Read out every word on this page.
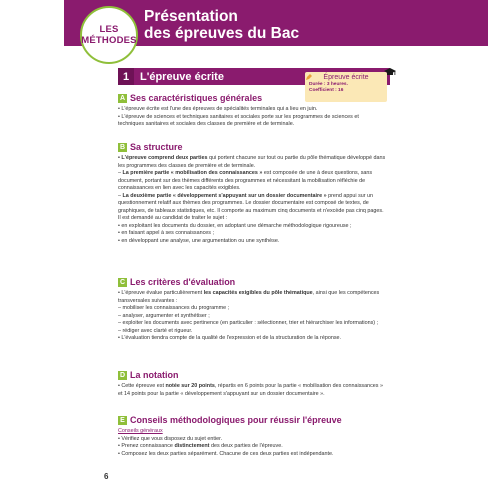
LES
MÉTHODES
Présentation
des épreuves du Bac
1 L'épreuve écrite	Épreuve écrite
Durée : 3 heures.
Coefficient : 16
A Ses caractéristiques générales

• L'épreuve écrite est l'une des épreuves de spécialités terminales qui a lieu en juin.

• L'épreuve de sciences et techniques sanitaires et sociales porte sur les programmes de sciences et techniques sanitaires et sociales des classes de première et de terminale.

B Sa structure

• L'épreuve comprend deux parties qui portent chacune sur tout ou partie du pôle thématique développé dans les programmes des classes de première et de terminale.

– La première partie « mobilisation des connaissances » est composée de une à deux questions, sans document, portant sur des thèmes différents des programmes et nécessitant la mobilisation réfléchie de connaissances en lien avec les capacités exigibles.

– La deuxième partie « développement s'appuyant sur un dossier documentaire » prend appui sur un questionnement relatif aux thèmes des programmes. Le dossier documentaire est composé de textes, de graphiques, de tableaux statistiques, etc. Il comporte au maximum cinq documents et n'excède pas cinq pages. Il est demandé au candidat de traiter le sujet :

• en exploitant les documents du dossier, en adoptant une démarche méthodologique rigoureuse ;

• en faisant appel à ses connaissances ;

• en développant une analyse, une argumentation ou une synthèse.

C Les critères d'évaluation

• L'épreuve évalue particulièrement les capacités exigibles du pôle thématique, ainsi que les compétences transversales suivantes :

– mobiliser les connaissances du programme ;

– analyser, argumenter et synthétiser ;

– exploiter les documents avec pertinence (en particulier : sélectionner, trier et hiérarchiser les informations) ;

– rédiger avec clarté et rigueur.

• L'évaluation tiendra compte de la qualité de l'expression et de la structuration de la réponse.

D La notation

• Cette épreuve est notée sur 20 points, répartis en 6 points pour la partie « mobilisation des connaissances » et 14 points pour la partie « développement s'appuyant sur un dossier documentaire ».

E Conseils méthodologiques pour réussir l'épreuve

Conseils généraux

• Vérifiez que vous disposez du sujet entier.

• Prenez connaissance distinctement des deux parties de l'épreuve.

• Composez les deux parties séparément. Chacune de ces deux parties est indépendante.

6
